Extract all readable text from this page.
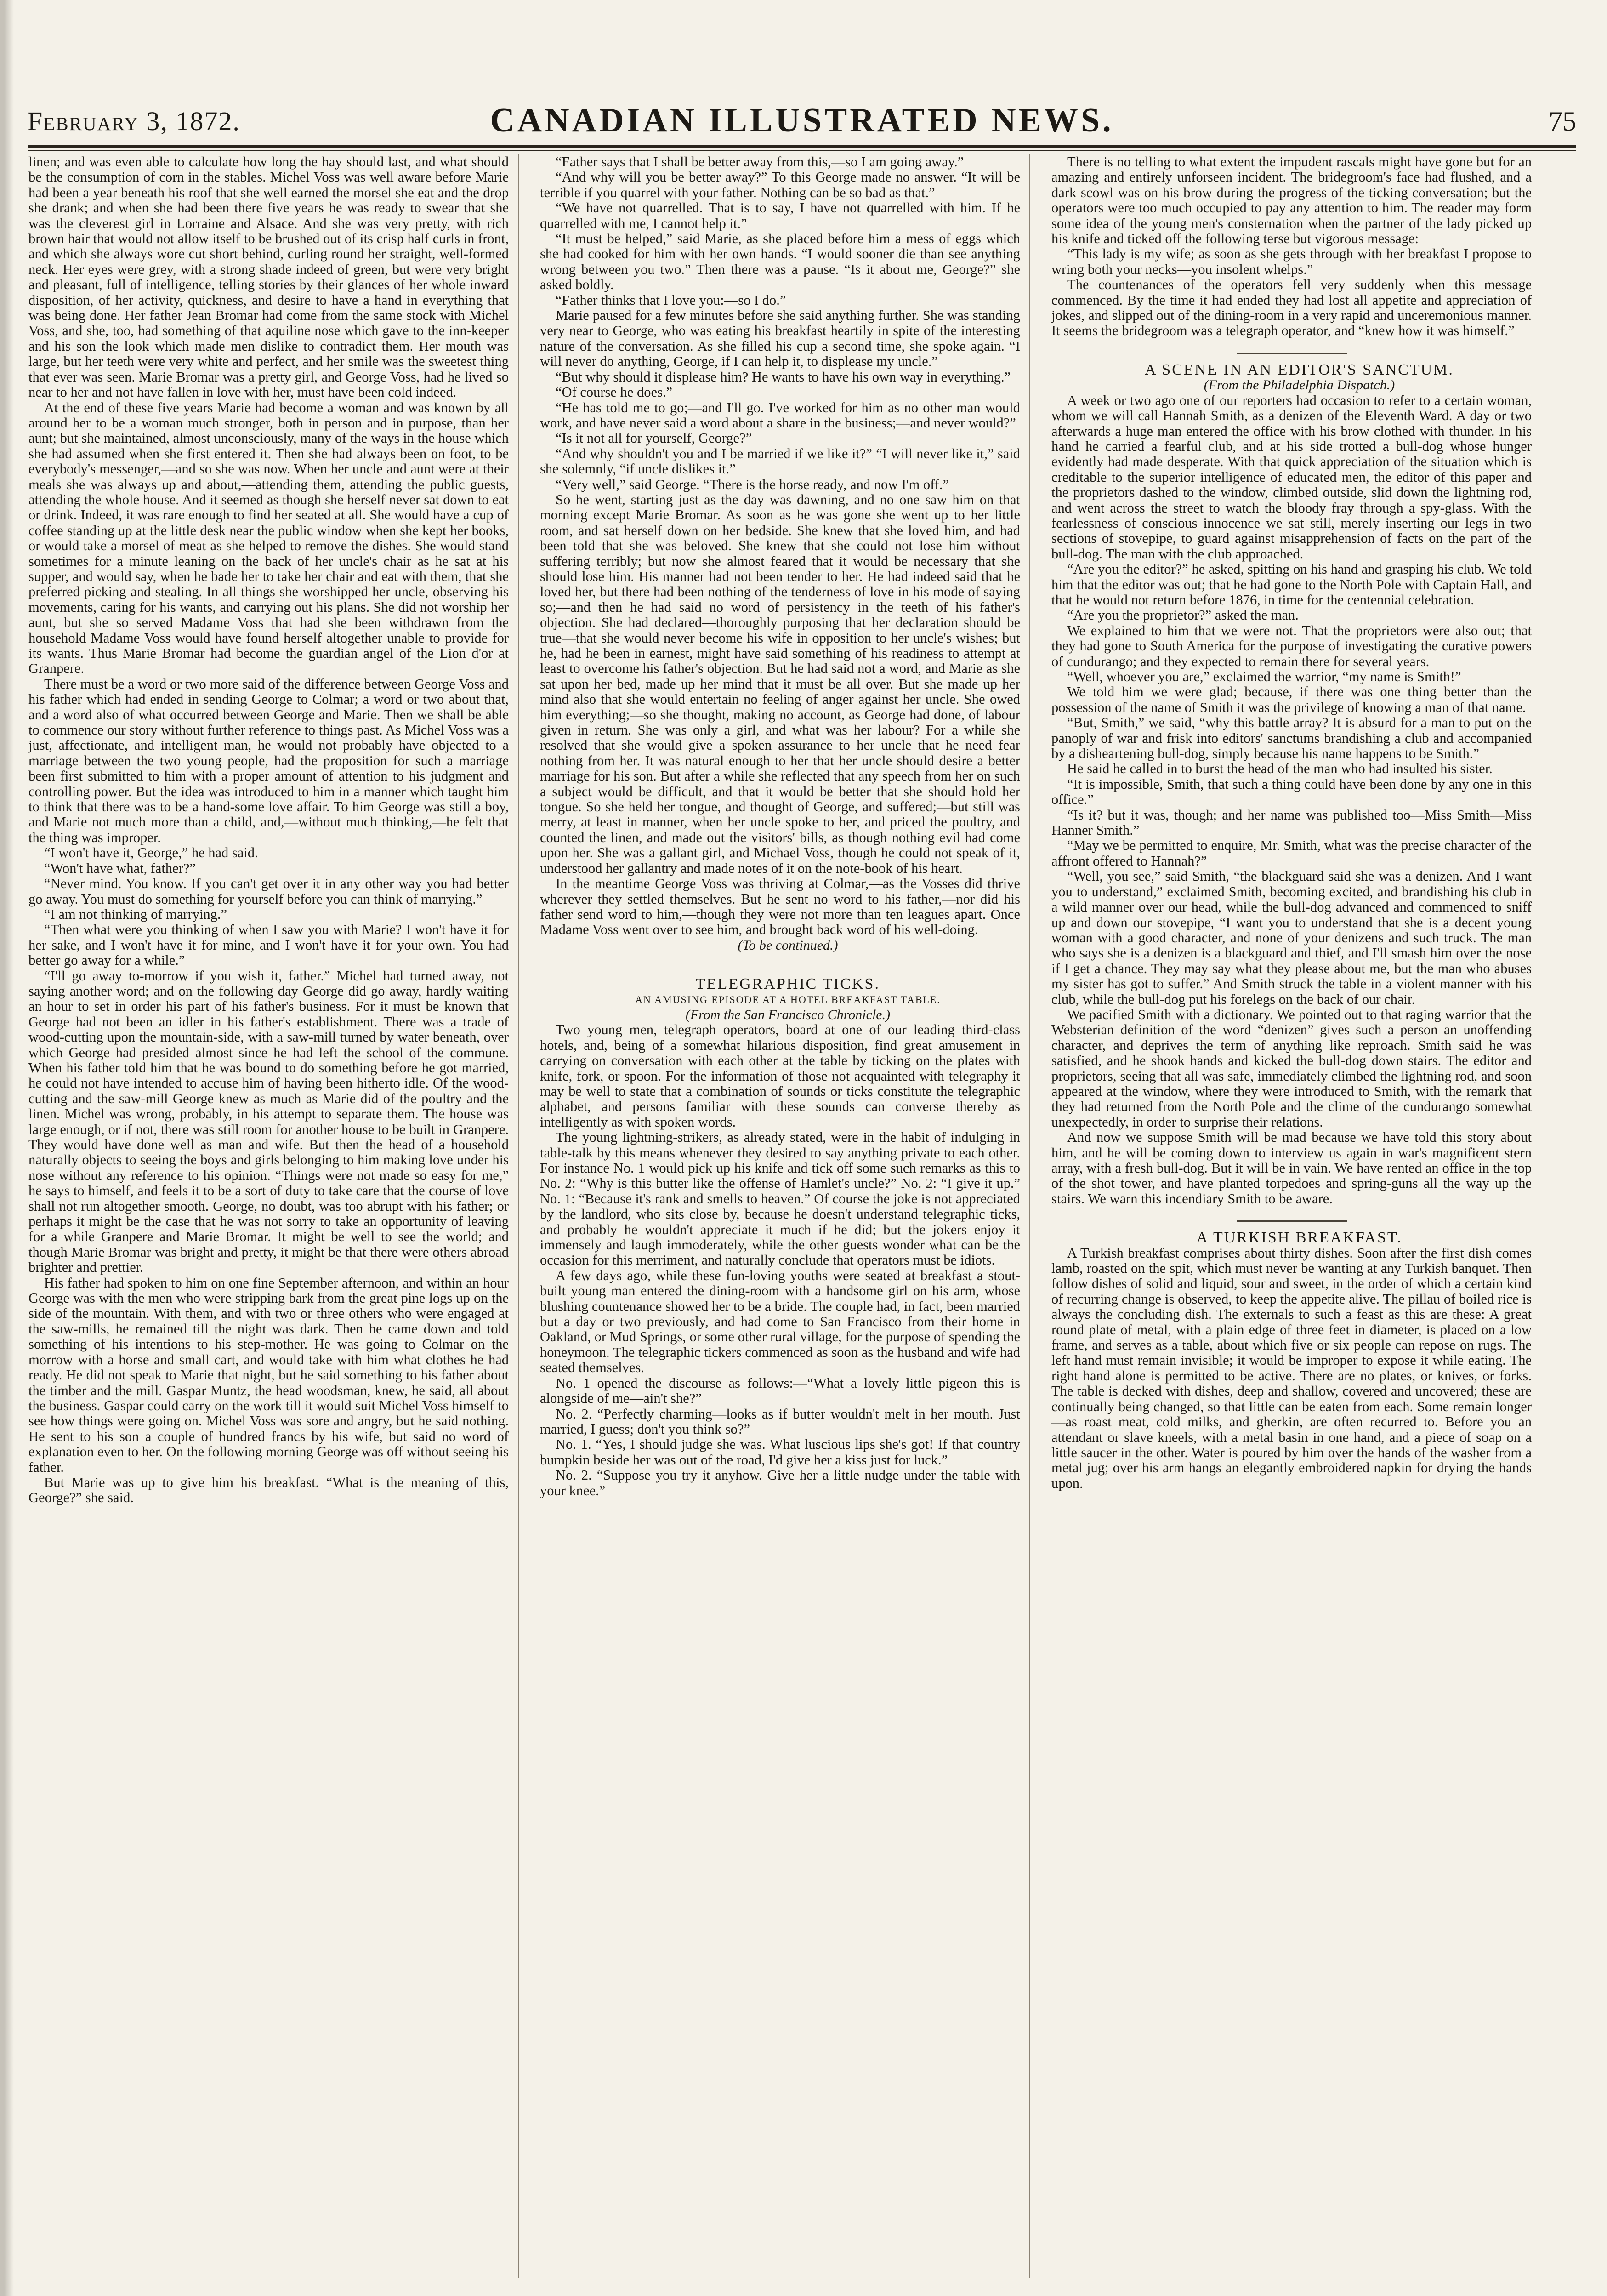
February 3, 1872.	CANADIAN ILLUSTRATED NEWS.	75

linen; and was even able to calculate how long the hay should last, and what should be the consumption of corn in the stables. Michel Voss was well aware before Marie had been a year beneath his roof that she well earned the morsel she eat and the drop she drank; and when she had been there five years he was ready to swear that she was the cleverest girl in Lorraine and Alsace. And she was very pretty, with rich brown hair that would not allow itself to be brushed out of its crisp half curls in front, and which she always wore cut short behind, curling round her straight, well-formed neck. Her eyes were grey, with a strong shade indeed of green, but were very bright and pleasant, full of intelligence, telling stories by their glances of her whole inward disposition, of her activity, quickness, and desire to have a hand in everything that was being done. Her father Jean Bromar had come from the same stock with Michel Voss, and she, too, had something of that aquiline nose which gave to the inn-keeper and his son the look which made men dislike to contradict them. Her mouth was large, but her teeth were very white and perfect, and her smile was the sweetest thing that ever was seen. Marie Bromar was a pretty girl, and George Voss, had he lived so near to her and not have fallen in love with her, must have been cold indeed.

At the end of these five years Marie had become a woman and was known by all around her to be a woman much stronger, both in person and in purpose, than her aunt; but she maintained, almost unconsciously, many of the ways in the house which she had assumed when she first entered it. Then she had always been on foot, to be everybody's messenger,—and so she was now. When her uncle and aunt were at their meals she was always up and about,—attending them, attending the public guests, attending the whole house. And it seemed as though she herself never sat down to eat or drink. Indeed, it was rare enough to find her seated at all. She would have a cup of coffee standing up at the little desk near the public window when she kept her books, or would take a morsel of meat as she helped to remove the dishes. She would stand sometimes for a minute leaning on the back of her uncle's chair as he sat at his supper, and would say, when he bade her to take her chair and eat with them, that she preferred picking and stealing. In all things she worshipped her uncle, observing his movements, caring for his wants, and carrying out his plans. She did not worship her aunt, but she so served Madame Voss that had she been withdrawn from the household Madame Voss would have found herself altogether unable to provide for its wants. Thus Marie Bromar had become the guardian angel of the Lion d'or at Granpere.

There must be a word or two more said of the difference between George Voss and his father which had ended in sending George to Colmar; a word or two about that, and a word also of what occurred between George and Marie. Then we shall be able to commence our story without further reference to things past. As Michel Voss was a just, affectionate, and intelligent man, he would not probably have objected to a marriage between the two young people, had the proposition for such a marriage been first submitted to him with a proper amount of attention to his judgment and controlling power. But the idea was introduced to him in a manner which taught him to think that there was to be a hand-some love affair. To him George was still a boy, and Marie not much more than a child, and,—without much thinking,—he felt that the thing was improper.

“I won't have it, George,” he had said.

“Won't have what, father?”

“Never mind. You know. If you can't get over it in any other way you had better go away. You must do something for yourself before you can think of marrying.”

“I am not thinking of marrying.”

“Then what were you thinking of when I saw you with Marie? I won't have it for her sake, and I won't have it for mine, and I won't have it for your own. You had better go away for a while.”

“I'll go away to-morrow if you wish it, father.” Michel had turned away, not saying another word; and on the following day George did go away, hardly waiting an hour to set in order his part of his father's business. For it must be known that George had not been an idler in his father's establishment. There was a trade of wood-cutting upon the mountain-side, with a saw-mill turned by water beneath, over which George had presided almost since he had left the school of the commune. When his father told him that he was bound to do something before he got married, he could not have intended to accuse him of having been hitherto idle. Of the wood-cutting and the saw-mill George knew as much as Marie did of the poultry and the linen. Michel was wrong, probably, in his attempt to separate them. The house was large enough, or if not, there was still room for another house to be built in Granpere. They would have done well as man and wife. But then the head of a household naturally objects to seeing the boys and girls belonging to him making love under his nose without any reference to his opinion. “Things were not made so easy for me,” he says to himself, and feels it to be a sort of duty to take care that the course of love shall not run altogether smooth. George, no doubt, was too abrupt with his father; or perhaps it might be the case that he was not sorry to take an opportunity of leaving for a while Granpere and Marie Bromar. It might be well to see the world; and though Marie Bromar was bright and pretty, it might be that there were others abroad brighter and prettier.

His father had spoken to him on one fine September afternoon, and within an hour George was with the men who were stripping bark from the great pine logs up on the side of the mountain. With them, and with two or three others who were engaged at the saw-mills, he remained till the night was dark. Then he came down and told something of his intentions to his step-mother. He was going to Colmar on the morrow with a horse and small cart, and would take with him what clothes he had ready. He did not speak to Marie that night, but he said something to his father about the timber and the mill. Gaspar Muntz, the head woodsman, knew, he said, all about the business. Gaspar could carry on the work till it would suit Michel Voss himself to see how things were going on. Michel Voss was sore and angry, but he said nothing. He sent to his son a couple of hundred francs by his wife, but said no word of explanation even to her. On the following morning George was off without seeing his father.

But Marie was up to give him his breakfast. “What is the meaning of this, George?” she said.

“Father says that I shall be better away from this,—so I am going away.”

“And why will you be better away?” To this George made no answer. “It will be terrible if you quarrel with your father. Nothing can be so bad as that.”

“We have not quarrelled. That is to say, I have not quarrelled with him. If he quarrelled with me, I cannot help it.”

“It must be helped,” said Marie, as she placed before him a mess of eggs which she had cooked for him with her own hands. “I would sooner die than see anything wrong between you two.” Then there was a pause. “Is it about me, George?” she asked boldly.

“Father thinks that I love you:—so I do.”

Marie paused for a few minutes before she said anything further. She was standing very near to George, who was eating his breakfast heartily in spite of the interesting nature of the conversation. As she filled his cup a second time, she spoke again. “I will never do anything, George, if I can help it, to displease my uncle.”

“But why should it displease him? He wants to have his own way in everything.”

“Of course he does.”

“He has told me to go;—and I'll go. I've worked for him as no other man would work, and have never said a word about a share in the business;—and never would?”

“Is it not all for yourself, George?”

“And why shouldn't you and I be married if we like it?” “I will never like it,” said she solemnly, “if uncle dislikes it.”

“Very well,” said George. “There is the horse ready, and now I'm off.”

So he went, starting just as the day was dawning, and no one saw him on that morning except Marie Bromar. As soon as he was gone she went up to her little room, and sat herself down on her bedside. She knew that she loved him, and had been told that she was beloved. She knew that she could not lose him without suffering terribly; but now she almost feared that it would be necessary that she should lose him. His manner had not been tender to her. He had indeed said that he loved her, but there had been nothing of the tenderness of love in his mode of saying so;—and then he had said no word of persistency in the teeth of his father's objection. She had declared—thoroughly purposing that her declaration should be true—that she would never become his wife in opposition to her uncle's wishes; but he, had he been in earnest, might have said something of his readiness to attempt at least to overcome his father's objection. But he had said not a word, and Marie as she sat upon her bed, made up her mind that it must be all over. But she made up her mind also that she would entertain no feeling of anger against her uncle. She owed him everything;—so she thought, making no account, as George had done, of labour given in return. She was only a girl, and what was her labour? For a while she resolved that she would give a spoken assurance to her uncle that he need fear nothing from her. It was natural enough to her that her uncle should desire a better marriage for his son. But after a while she reflected that any speech from her on such a subject would be difficult, and that it would be better that she should hold her tongue. So she held her tongue, and thought of George, and suffered;—but still was merry, at least in manner, when her uncle spoke to her, and priced the poultry, and counted the linen, and made out the visitors' bills, as though nothing evil had come upon her. She was a gallant girl, and Michael Voss, though he could not speak of it, understood her gallantry and made notes of it on the note-book of his heart.

In the meantime George Voss was thriving at Colmar,—as the Vosses did thrive wherever they settled themselves. But he sent no word to his father,—nor did his father send word to him,—though they were not more than ten leagues apart. Once Madame Voss went over to see him, and brought back word of his well-doing.

(To be continued.)

TELEGRAPHIC TICKS.

AN AMUSING EPISODE AT A HOTEL BREAKFAST TABLE.

(From the San Francisco Chronicle.)

Two young men, telegraph operators, board at one of our leading third-class hotels, and, being of a somewhat hilarious disposition, find great amusement in carrying on conversation with each other at the table by ticking on the plates with knife, fork, or spoon. For the information of those not acquainted with telegraphy it may be well to state that a combination of sounds or ticks constitute the telegraphic alphabet, and persons familiar with these sounds can converse thereby as intelligently as with spoken words.

The young lightning-strikers, as already stated, were in the habit of indulging in table-talk by this means whenever they desired to say anything private to each other. For instance No. 1 would pick up his knife and tick off some such remarks as this to No. 2: “Why is this butter like the offense of Hamlet's uncle?” No. 2: “I give it up.” No. 1: “Because it's rank and smells to heaven.” Of course the joke is not appreciated by the landlord, who sits close by, because he doesn't understand telegraphic ticks, and probably he wouldn't appreciate it much if he did; but the jokers enjoy it immensely and laugh immoderately, while the other guests wonder what can be the occasion for this merriment, and naturally conclude that operators must be idiots.

A few days ago, while these fun-loving youths were seated at breakfast a stout-built young man entered the dining-room with a handsome girl on his arm, whose blushing countenance showed her to be a bride. The couple had, in fact, been married but a day or two previously, and had come to San Francisco from their home in Oakland, or Mud Springs, or some other rural village, for the purpose of spending the honeymoon. The telegraphic tickers commenced as soon as the husband and wife had seated themselves.

No. 1 opened the discourse as follows:—“What a lovely little pigeon this is alongside of me—ain't she?”

No. 2. “Perfectly charming—looks as if butter wouldn't melt in her mouth. Just married, I guess; don't you think so?”

No. 1. “Yes, I should judge she was. What luscious lips she's got! If that country bumpkin beside her was out of the road, I'd give her a kiss just for luck.”

No. 2. “Suppose you try it anyhow. Give her a little nudge under the table with your knee.”

There is no telling to what extent the impudent rascals might have gone but for an amazing and entirely unforseen incident. The bridegroom's face had flushed, and a dark scowl was on his brow during the progress of the ticking conversation; but the operators were too much occupied to pay any attention to him. The reader may form some idea of the young men's consternation when the partner of the lady picked up his knife and ticked off the following terse but vigorous message:

“This lady is my wife; as soon as she gets through with her breakfast I propose to wring both your necks—you insolent whelps.”

The countenances of the operators fell very suddenly when this message commenced. By the time it had ended they had lost all appetite and appreciation of jokes, and slipped out of the dining-room in a very rapid and unceremonious manner. It seems the bridegroom was a telegraph operator, and “knew how it was himself.”

A SCENE IN AN EDITOR'S SANCTUM.

(From the Philadelphia Dispatch.)

A week or two ago one of our reporters had occasion to refer to a certain woman, whom we will call Hannah Smith, as a denizen of the Eleventh Ward. A day or two afterwards a huge man entered the office with his brow clothed with thunder. In his hand he carried a fearful club, and at his side trotted a bull-dog whose hunger evidently had made desperate. With that quick appreciation of the situation which is creditable to the superior intelligence of educated men, the editor of this paper and the proprietors dashed to the window, climbed outside, slid down the lightning rod, and went across the street to watch the bloody fray through a spy-glass. With the fearlessness of conscious innocence we sat still, merely inserting our legs in two sections of stovepipe, to guard against misapprehension of facts on the part of the bull-dog. The man with the club approached.

“Are you the editor?” he asked, spitting on his hand and grasping his club. We told him that the editor was out; that he had gone to the North Pole with Captain Hall, and that he would not return before 1876, in time for the centennial celebration.

“Are you the proprietor?” asked the man.

We explained to him that we were not. That the proprietors were also out; that they had gone to South America for the purpose of investigating the curative powers of cundurango; and they expected to remain there for several years.

“Well, whoever you are,” exclaimed the warrior, “my name is Smith!”

We told him we were glad; because, if there was one thing better than the possession of the name of Smith it was the privilege of knowing a man of that name.

“But, Smith,” we said, “why this battle array? It is absurd for a man to put on the panoply of war and frisk into editors' sanctums brandishing a club and accompanied by a disheartening bull-dog, simply because his name happens to be Smith.”

He said he called in to burst the head of the man who had insulted his sister.

“It is impossible, Smith, that such a thing could have been done by any one in this office.”

“Is it? but it was, though; and her name was published too—Miss Smith—Miss Hanner Smith.”

“May we be permitted to enquire, Mr. Smith, what was the precise character of the affront offered to Hannah?”

“Well, you see,” said Smith, “the blackguard said she was a denizen. And I want you to understand,” exclaimed Smith, becoming excited, and brandishing his club in a wild manner over our head, while the bull-dog advanced and commenced to sniff up and down our stovepipe, “I want you to understand that she is a decent young woman with a good character, and none of your denizens and such truck. The man who says she is a denizen is a blackguard and thief, and I'll smash him over the nose if I get a chance. They may say what they please about me, but the man who abuses my sister has got to suffer.” And Smith struck the table in a violent manner with his club, while the bull-dog put his forelegs on the back of our chair.

We pacified Smith with a dictionary. We pointed out to that raging warrior that the Websterian definition of the word “denizen” gives such a person an unoffending character, and deprives the term of anything like reproach. Smith said he was satisfied, and he shook hands and kicked the bull-dog down stairs. The editor and proprietors, seeing that all was safe, immediately climbed the lightning rod, and soon appeared at the window, where they were introduced to Smith, with the remark that they had returned from the North Pole and the clime of the cundurango somewhat unexpectedly, in order to surprise their relations.

And now we suppose Smith will be mad because we have told this story about him, and he will be coming down to interview us again in war's magnificent stern array, with a fresh bull-dog. But it will be in vain. We have rented an office in the top of the shot tower, and have planted torpedoes and spring-guns all the way up the stairs. We warn this incendiary Smith to be aware.

A TURKISH BREAKFAST.

A Turkish breakfast comprises about thirty dishes. Soon after the first dish comes lamb, roasted on the spit, which must never be wanting at any Turkish banquet. Then follow dishes of solid and liquid, sour and sweet, in the order of which a certain kind of recurring change is observed, to keep the appetite alive. The pillau of boiled rice is always the concluding dish. The externals to such a feast as this are these: A great round plate of metal, with a plain edge of three feet in diameter, is placed on a low frame, and serves as a table, about which five or six people can repose on rugs. The left hand must remain invisible; it would be improper to expose it while eating. The right hand alone is permitted to be active. There are no plates, or knives, or forks. The table is decked with dishes, deep and shallow, covered and uncovered; these are continually being changed, so that little can be eaten from each. Some remain longer—as roast meat, cold milks, and gherkin, are often recurred to. Before you an attendant or slave kneels, with a metal basin in one hand, and a piece of soap on a little saucer in the other. Water is poured by him over the hands of the washer from a metal jug; over his arm hangs an elegantly embroidered napkin for drying the hands upon.
